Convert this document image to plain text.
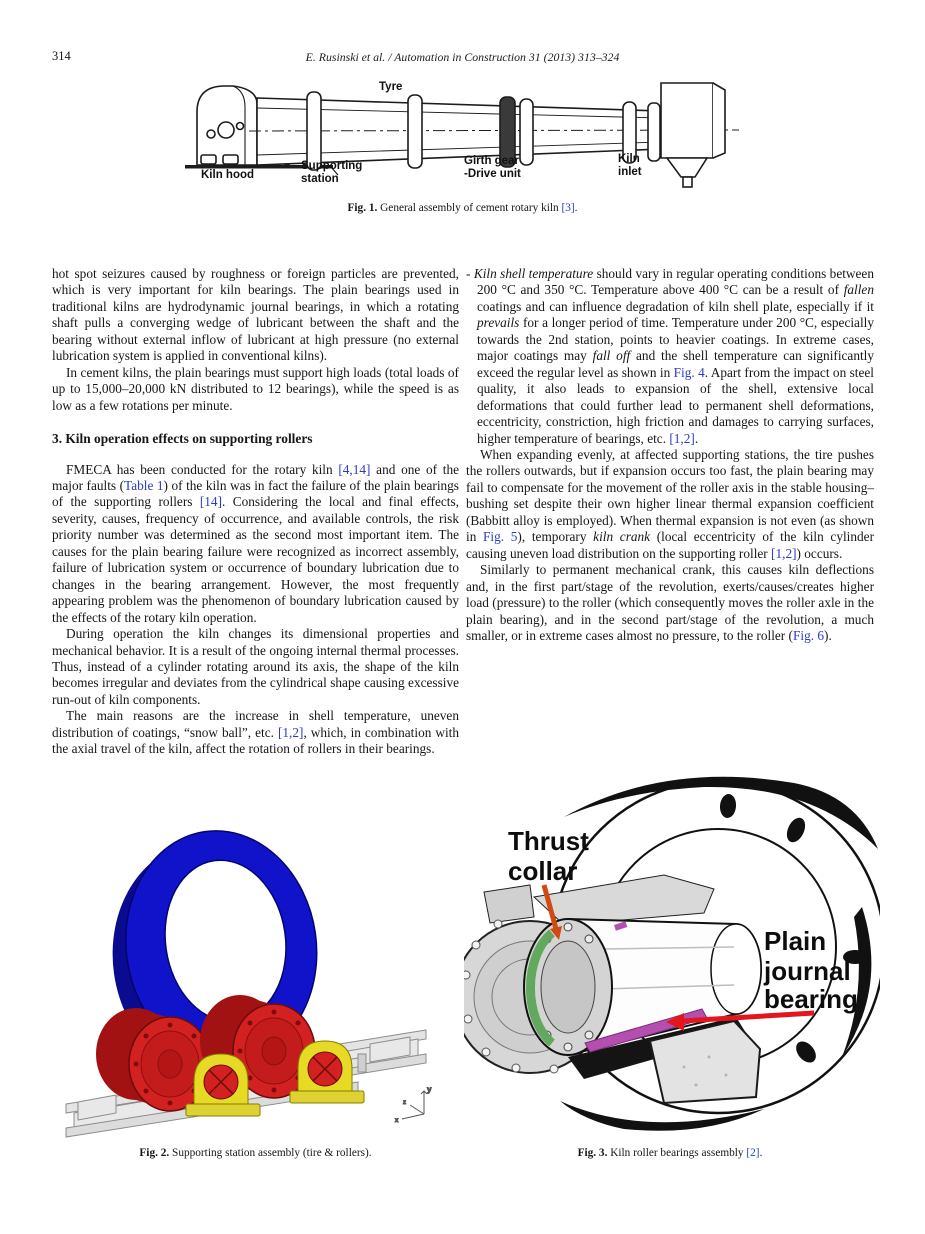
314	E. Rusinski et al. / Automation in Construction 31 (2013) 313–324
Tyre
Kiln hood
Supporting
station
Girth gear
-Drive unit
Kiln
inlet
Fig. 1. General assembly of cement rotary kiln [3].

hot spot seizures caused by roughness or foreign particles are prevented, which is very important for kiln bearings. The plain bearings used in traditional kilns are hydrodynamic journal bearings, in which a rotating shaft pulls a converging wedge of lubricant between the shaft and the bearing without external inflow of lubricant at high pressure (no external lubrication system is applied in conventional kilns).

In cement kilns, the plain bearings must support high loads (total loads of up to 15,000–20,000 kN distributed to 12 bearings), while the speed is as low as a few rotations per minute.

3. Kiln operation effects on supporting rollers

FMECA has been conducted for the rotary kiln [4,14] and one of the major faults (Table 1) of the kiln was in fact the failure of the plain bearings of the supporting rollers [14]. Considering the local and final effects, severity, causes, frequency of occurrence, and available controls, the risk priority number was determined as the second most important item. The causes for the plain bearing failure were recognized as incorrect assembly, failure of lubrication system or occurrence of boundary lubrication due to changes in the bearing arrangement. However, the most frequently appearing problem was the phenomenon of boundary lubrication caused by the effects of the rotary kiln operation.

During operation the kiln changes its dimensional properties and mechanical behavior. It is a result of the ongoing internal thermal processes. Thus, instead of a cylinder rotating around its axis, the shape of the kiln becomes irregular and deviates from the cylindrical shape causing excessive run-out of kiln components.

The main reasons are the increase in shell temperature, uneven distribution of coatings, “snow ball”, etc. [1,2], which, in combination with the axial travel of the kiln, affect the rotation of rollers in their bearings.

- Kiln shell temperature should vary in regular operating conditions between 200 °C and 350 °C. Temperature above 400 °C can be a result of fallen coatings and can influence degradation of kiln shell plate, especially if it prevails for a longer period of time. Temperature under 200 °C, especially towards the 2nd station, points to heavier coatings. In extreme cases, major coatings may fall off and the shell temperature can significantly exceed the regular level as shown in Fig. 4. Apart from the impact on steel quality, it also leads to expansion of the shell, extensive local deformations that could further lead to permanent shell deformations, eccentricity, constriction, high friction and damages to carrying surfaces, higher temperature of bearings, etc. [1,2].

When expanding evenly, at affected supporting stations, the tire pushes the rollers outwards, but if expansion occurs too fast, the plain bearing may fail to compensate for the movement of the roller axis in the stable housing–bushing set despite their own higher linear thermal expansion coefficient (Babbitt alloy is employed). When thermal expansion is not even (as shown in Fig. 5), temporary kiln crank (local eccentricity of the kiln cylinder causing uneven load distribution on the supporting roller [1,2]) occurs.

Similarly to permanent mechanical crank, this causes kiln deflections and, in the first part/stage of the revolution, exerts/causes/creates higher load (pressure) to the roller (which consequently moves the roller axle in the plain bearing), and in the second part/stage of the revolution, a much smaller, or in extreme cases almost no pressure, to the roller (Fig. 6).

y
x
z
Fig. 2. Supporting station assembly (tire & rollers).
Thrust
collar
Plain
journal
bearing
Fig. 3. Kiln roller bearings assembly [2].
